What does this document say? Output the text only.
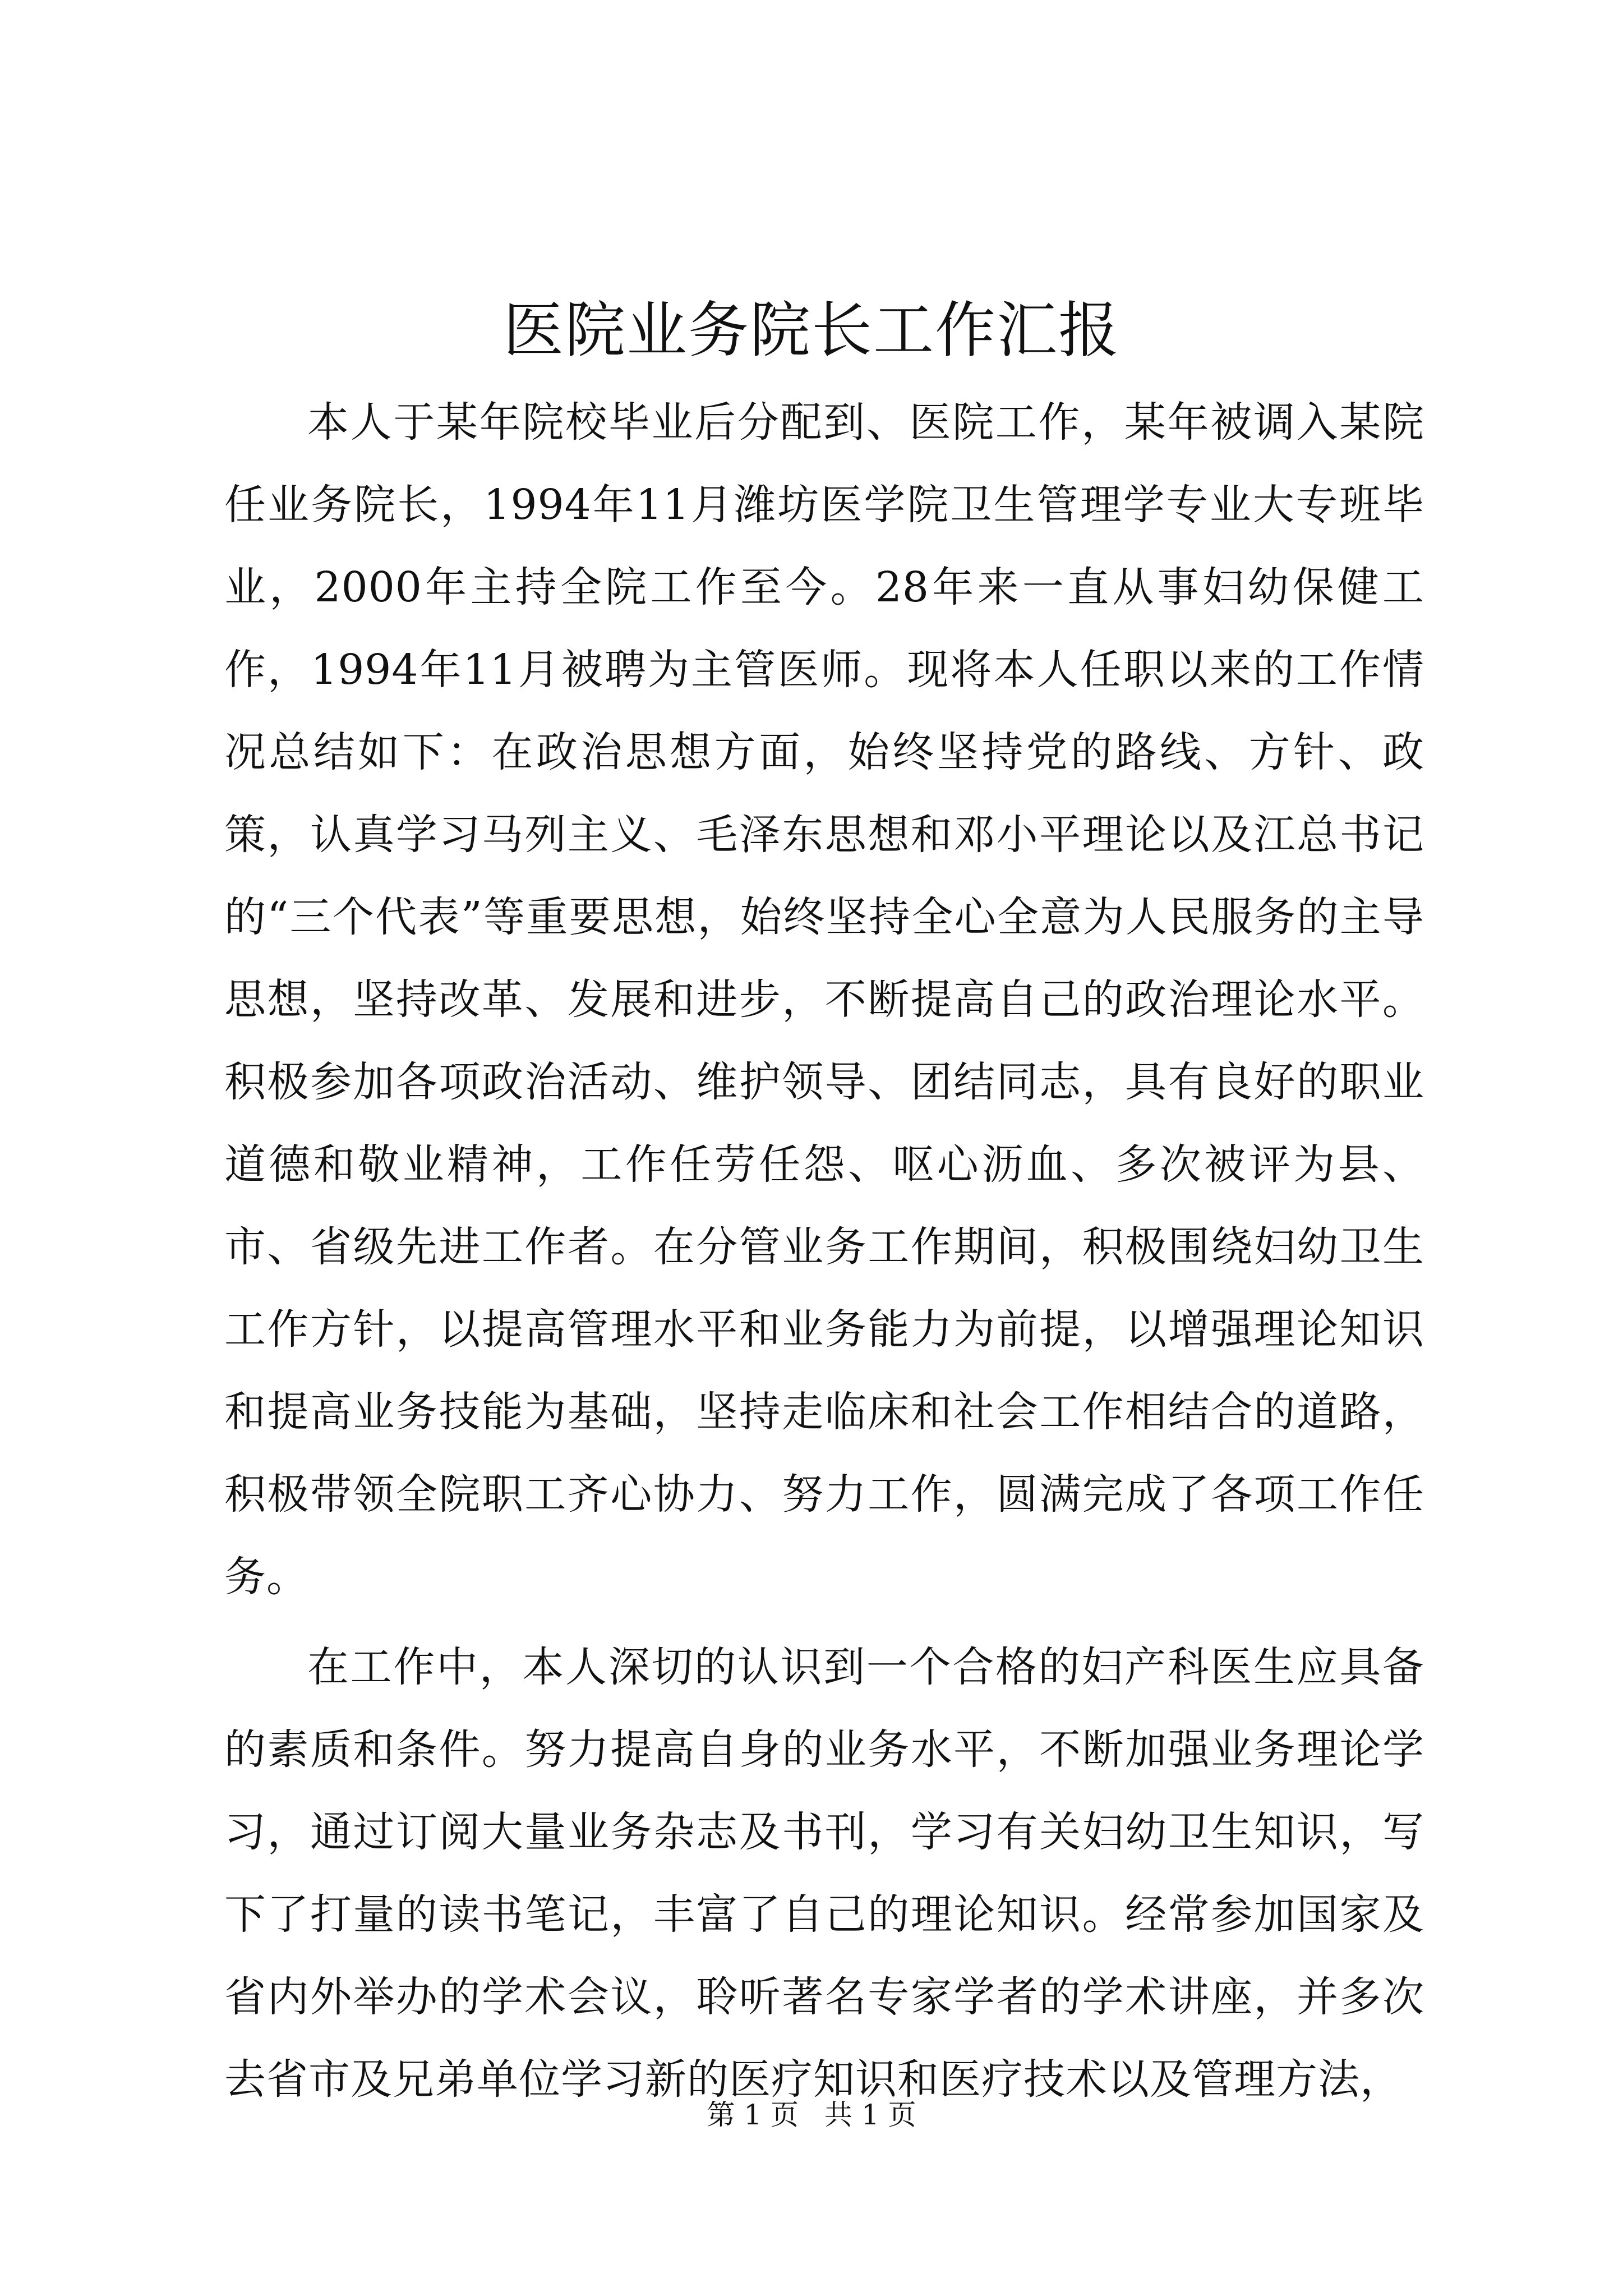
医院业务院长工作汇报

本人于某年院校毕业后分配到、医院工作，某年被调入某院任业务院长，1994年11月潍坊医学院卫生管理学专业大专班毕业，2000年主持全院工作至今。28年来一直从事妇幼保健工作，1994年11月被聘为主管医师。现将本人任职以来的工作情况总结如下：在政治思想方面，始终坚持党的路线、方针、政策，认真学习马列主义、毛泽东思想和邓小平理论以及江总书记的“三个代表”等重要思想，始终坚持全心全意为人民服务的主导思想，坚持改革、发展和进步，不断提高自己的政治理论水平。积极参加各项政治活动、维护领导、团结同志，具有良好的职业道德和敬业精神，工作任劳任怨、呕心沥血、多次被评为县、市、省级先进工作者。在分管业务工作期间，积极围绕妇幼卫生工作方针，以提高管理水平和业务能力为前提，以增强理论知识和提高业务技能为基础，坚持走临床和社会工作相结合的道路，积极带领全院职工齐心协力、努力工作，圆满完成了各项工作任务。

在工作中，本人深切的认识到一个合格的妇产科医生应具备的素质和条件。努力提高自身的业务水平，不断加强业务理论学习，通过订阅大量业务杂志及书刊，学习有关妇幼卫生知识，写下了打量的读书笔记，丰富了自己的理论知识。经常参加国家及省内外举办的学术会议，聆听著名专家学者的学术讲座，并多次去省市及兄弟单位学习新的医疗知识和医疗技术以及管理方法，

第 1 页 共 1 页
